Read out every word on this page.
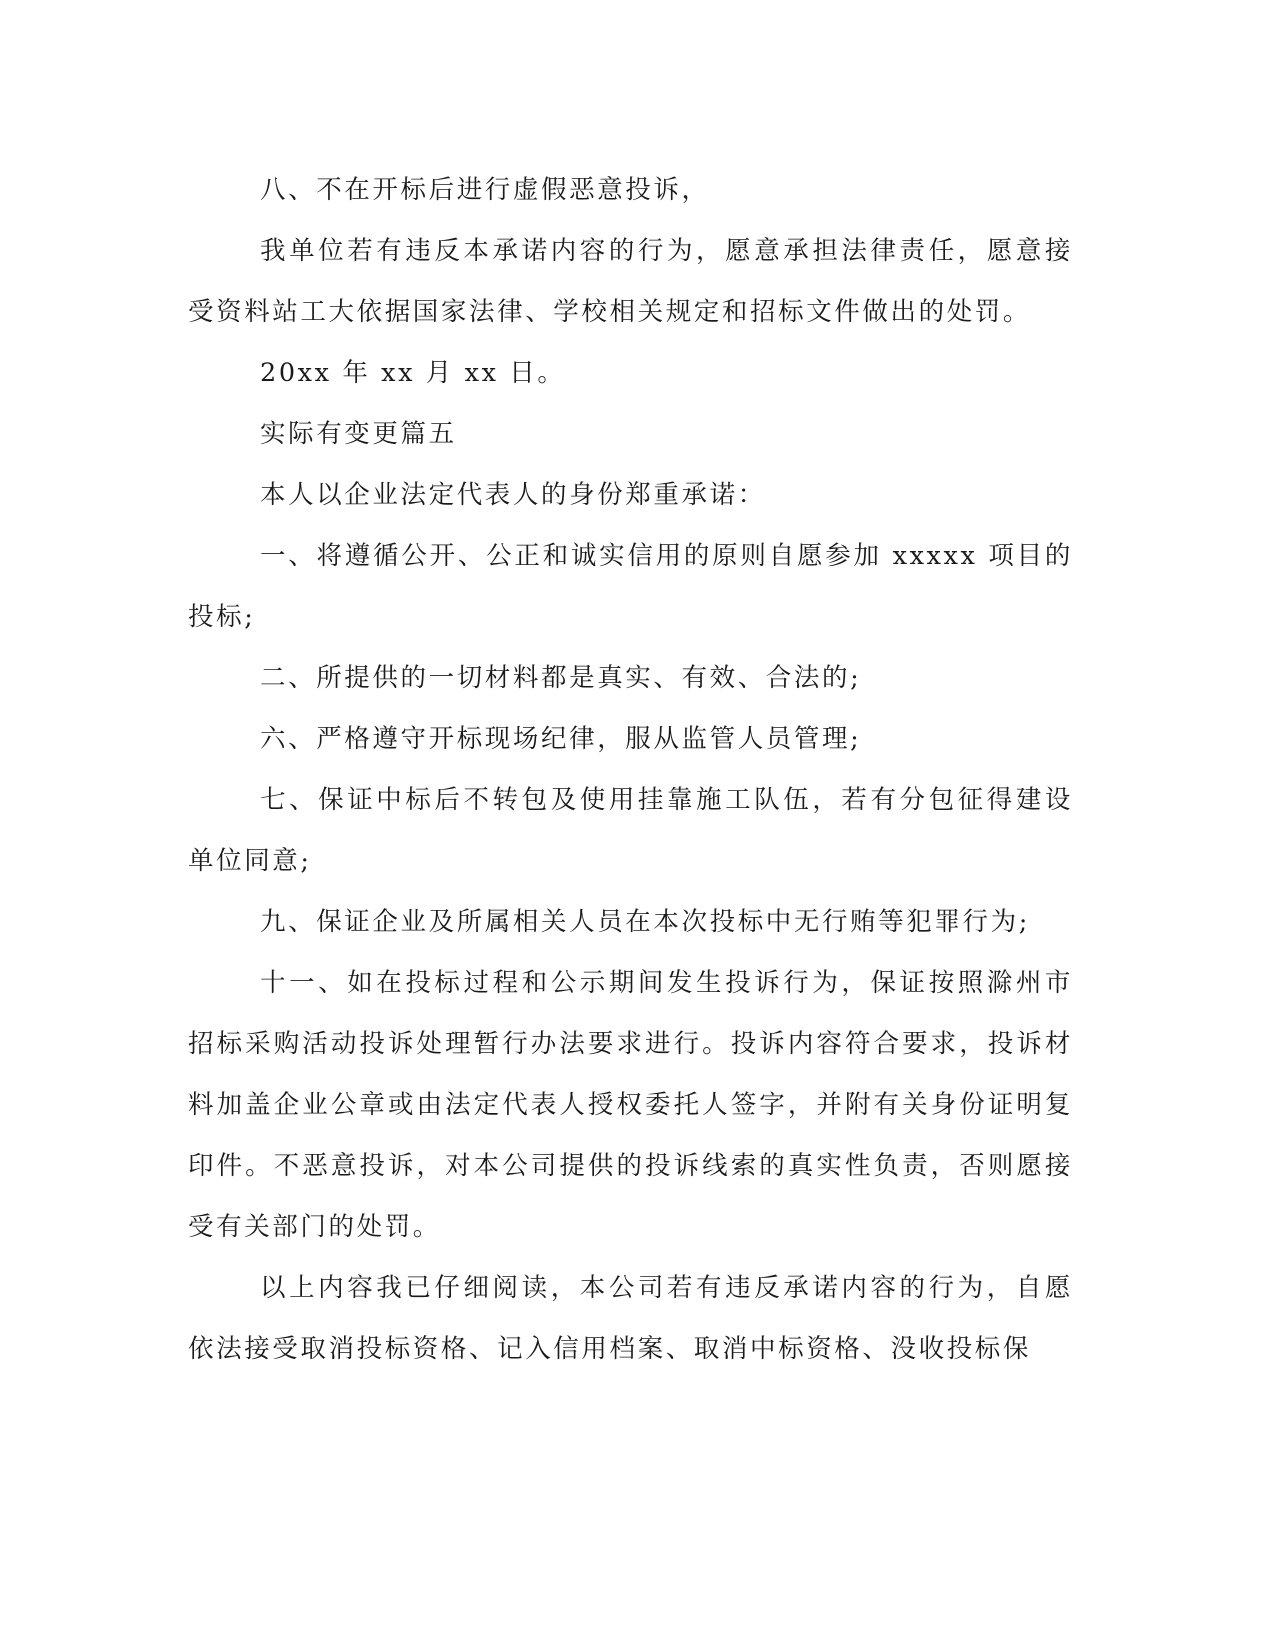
八、不在开标后进行虚假恶意投诉，

我单位若有违反本承诺内容的行为，愿意承担法律责任，愿意接受资料站工大依据国家法律、学校相关规定和招标文件做出的处罚。

20xx 年 xx 月 xx 日。

实际有变更篇五

本人以企业法定代表人的身份郑重承诺：

一、将遵循公开、公正和诚实信用的原则自愿参加 xxxxx 项目的投标;

二、所提供的一切材料都是真实、有效、合法的;

六、严格遵守开标现场纪律，服从监管人员管理;

七、保证中标后不转包及使用挂靠施工队伍，若有分包征得建设单位同意;

九、保证企业及所属相关人员在本次投标中无行贿等犯罪行为;

十一、如在投标过程和公示期间发生投诉行为，保证按照滁州市招标采购活动投诉处理暂行办法要求进行。投诉内容符合要求，投诉材料加盖企业公章或由法定代表人授权委托人签字，并附有关身份证明复印件。不恶意投诉，对本公司提供的投诉线索的真实性负责，否则愿接受有关部门的处罚。

以上内容我已仔细阅读，本公司若有违反承诺内容的行为，自愿依法接受取消投标资格、记入信用档案、取消中标资格、没收投标保
